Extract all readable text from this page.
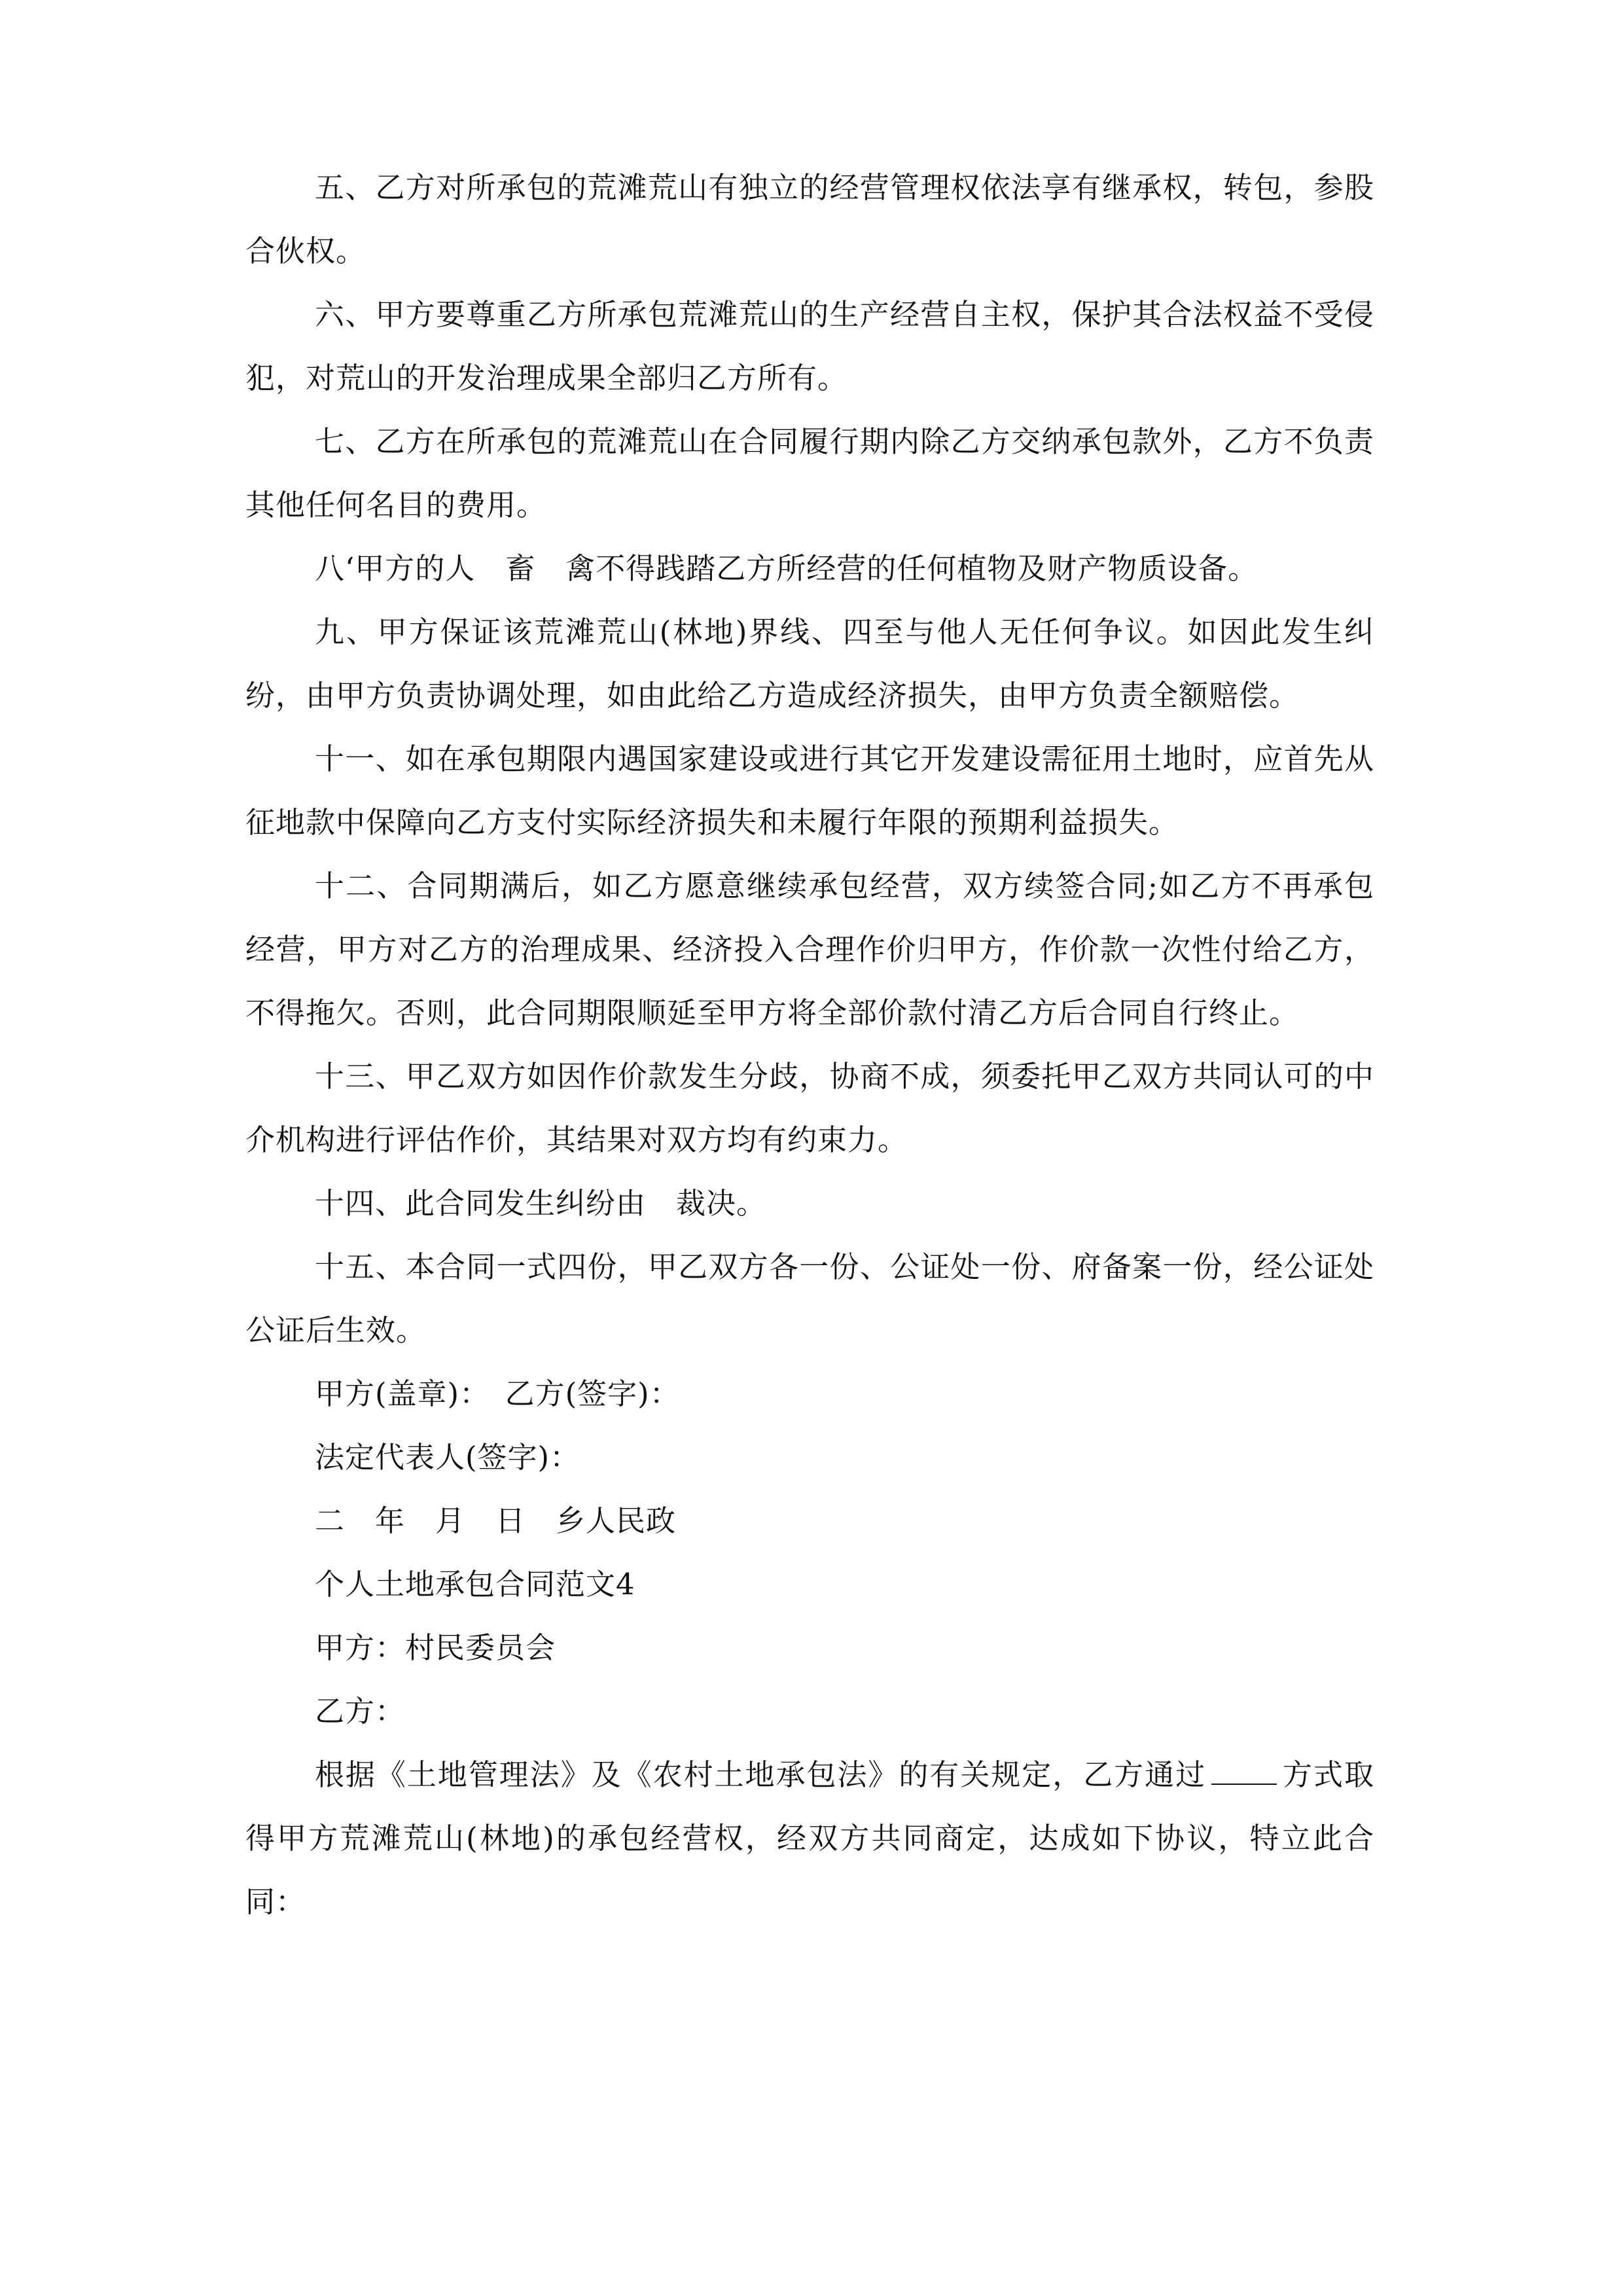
五、乙方对所承包的荒滩荒山有独立的经营管理权依法享有继承权，转包，参股合伙权。

六、甲方要尊重乙方所承包荒滩荒山的生产经营自主权，保护其合法权益不受侵犯，对荒山的开发治理成果全部归乙方所有。

七、乙方在所承包的荒滩荒山在合同履行期内除乙方交纳承包款外，乙方不负责其他任何名目的费用。

八‘甲方的人　畜　禽不得践踏乙方所经营的任何植物及财产物质设备。

九、甲方保证该荒滩荒山(林地)界线、四至与他人无任何争议。如因此发生纠纷，由甲方负责协调处理，如由此给乙方造成经济损失，由甲方负责全额赔偿。

十一、如在承包期限内遇国家建设或进行其它开发建设需征用土地时，应首先从征地款中保障向乙方支付实际经济损失和未履行年限的预期利益损失。

十二、合同期满后，如乙方愿意继续承包经营，双方续签合同;如乙方不再承包经营，甲方对乙方的治理成果、经济投入合理作价归甲方，作价款一次性付给乙方，不得拖欠。否则，此合同期限顺延至甲方将全部价款付清乙方后合同自行终止。

十三、甲乙双方如因作价款发生分歧，协商不成，须委托甲乙双方共同认可的中介机构进行评估作价，其结果对双方均有约束力。

十四、此合同发生纠纷由　裁决。

十五、本合同一式四份，甲乙双方各一份、公证处一份、府备案一份，经公证处公证后生效。

甲方(盖章)：　乙方(签字)：

法定代表人(签字)：

二　年　月　日　乡人民政

个人土地承包合同范文4

甲方：村民委员会

乙方：

根据《土地管理法》及《农村土地承包法》的有关规定，乙方通过	方式取得甲方荒滩荒山(林地)的承包经营权，经双方共同商定，达成如下协议，特立此合同：
